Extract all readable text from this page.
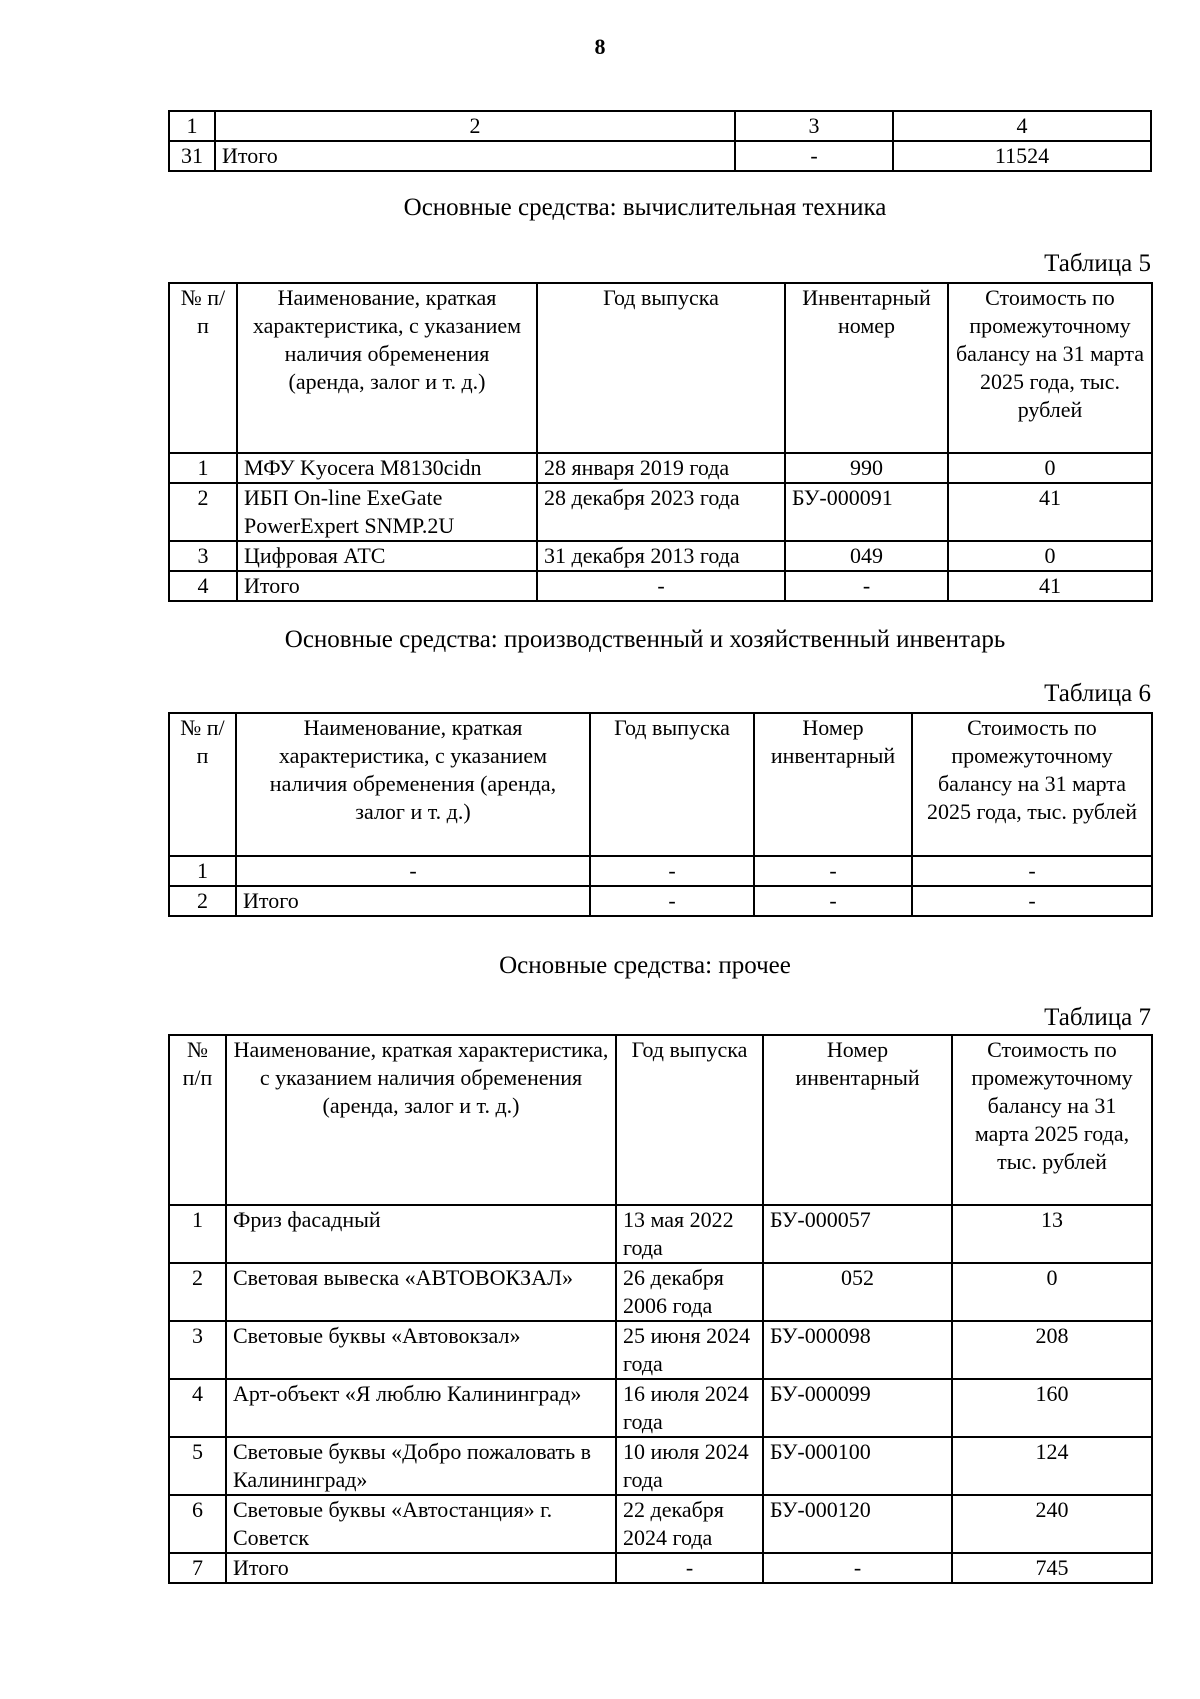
8
1	2	3	4
31	Итого	-	11524
Основные средства: вычислительная техника
Таблица 5
№ п/п	Наименование, краткая характеристика, с указанием наличия обременения (аренда, залог и т. д.)	Год выпуска	Инвентарный номер	Стоимость по промежуточному балансу на 31 марта 2025 года, тыс. рублей
1	МФУ Kyocera M8130cidn	28 января 2019 года	990	0
2	ИБП On-line ExeGate PowerExpert SNMP.2U	28 декабря 2023 года	БУ-000091	41
3	Цифровая АТС	31 декабря 2013 года	049	0
4	Итого	-	-	41
Основные средства: производственный и хозяйственный инвентарь
Таблица 6
№ п/п	Наименование, краткая характеристика, с указанием наличия обременения (аренда, залог и т. д.)	Год выпуска	Номер инвентарный	Стоимость по промежуточному балансу на 31 марта 2025 года, тыс. рублей
1	-	-	-	-
2	Итого	-	-	-
Основные средства: прочее
Таблица 7
№ п/п	Наименование, краткая характеристика, с указанием наличия обременения (аренда, залог и т. д.)	Год выпуска	Номер инвентарный	Стоимость по промежуточному балансу на 31 марта 2025 года, тыс. рублей
1	Фриз фасадный	13 мая 2022 года	БУ-000057	13
2	Световая вывеска «АВТОВОКЗАЛ»	26 декабря 2006 года	052	0
3	Световые буквы «Автовокзал»	25 июня 2024 года	БУ-000098	208
4	Арт-объект «Я люблю Калининград»	16 июля 2024 года	БУ-000099	160
5	Световые буквы «Добро пожаловать в Калининград»	10 июля 2024 года	БУ-000100	124
6	Световые буквы «Автостанция» г. Советск	22 декабря 2024 года	БУ-000120	240
7	Итого	-	-	745
